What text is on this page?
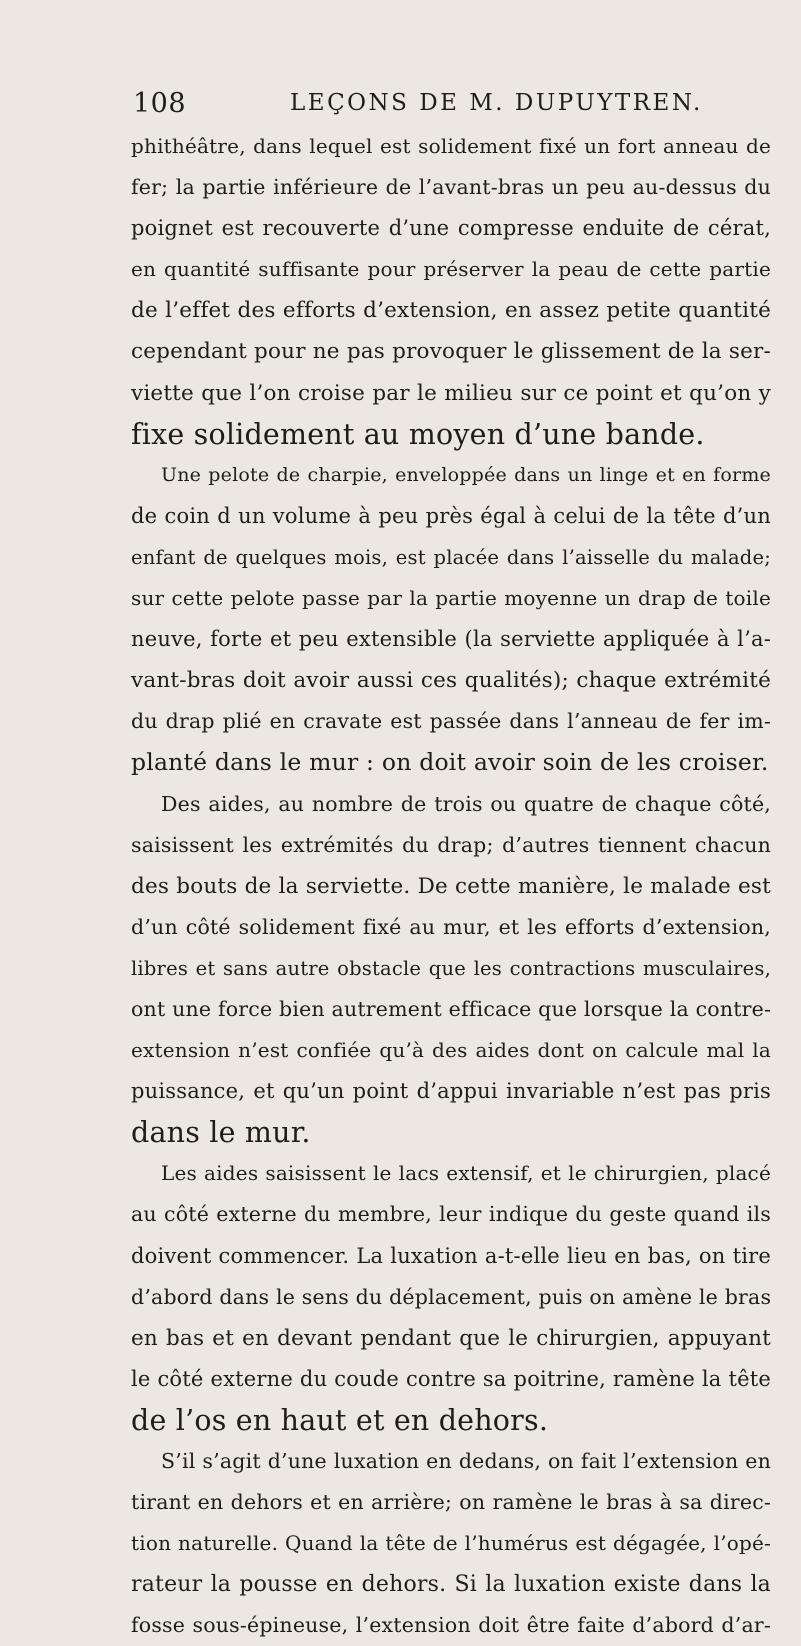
108	LEÇONS DE M. DUPUYTREN.
phithéâtre, dans lequel est solidement fixé un fort anneau de
fer; la partie inférieure de l’avant-bras un peu au-dessus du
poignet est recouverte d’une compresse enduite de cérat,
en quantité suffisante pour préserver la peau de cette partie
de l’effet des efforts d’extension, en assez petite quantité
cependant pour ne pas provoquer le glissement de la ser-
viette que l’on croise par le milieu sur ce point et qu’on y
fixe solidement au moyen d’une bande.
Une pelote de charpie, enveloppée dans un linge et en forme
de coin d un volume à peu près égal à celui de la tête d’un
enfant de quelques mois, est placée dans l’aisselle du malade;
sur cette pelote passe par la partie moyenne un drap de toile
neuve, forte et peu extensible (la serviette appliquée à l’a-
vant-bras doit avoir aussi ces qualités); chaque extrémité
du drap plié en cravate est passée dans l’anneau de fer im-
planté dans le mur : on doit avoir soin de les croiser.
Des aides, au nombre de trois ou quatre de chaque côté,
saisissent les extrémités du drap; d’autres tiennent chacun
des bouts de la serviette. De cette manière, le malade est
d’un côté solidement fixé au mur, et les efforts d’extension,
libres et sans autre obstacle que les contractions musculaires,
ont une force bien autrement efficace que lorsque la contre-
extension n’est confiée qu’à des aides dont on calcule mal la
puissance, et qu’un point d’appui invariable n’est pas pris
dans le mur.
Les aides saisissent le lacs extensif, et le chirurgien, placé
au côté externe du membre, leur indique du geste quand ils
doivent commencer. La luxation a-t-elle lieu en bas, on tire
d’abord dans le sens du déplacement, puis on amène le bras
en bas et en devant pendant que le chirurgien, appuyant
le côté externe du coude contre sa poitrine, ramène la tête
de l’os en haut et en dehors.
S’il s’agit d’une luxation en dedans, on fait l’extension en
tirant en dehors et en arrière; on ramène le bras à sa direc-
tion naturelle. Quand la tête de l’humérus est dégagée, l’opé-
rateur la pousse en dehors. Si la luxation existe dans la
fosse sous-épineuse, l’extension doit être faite d’abord d’ar-
